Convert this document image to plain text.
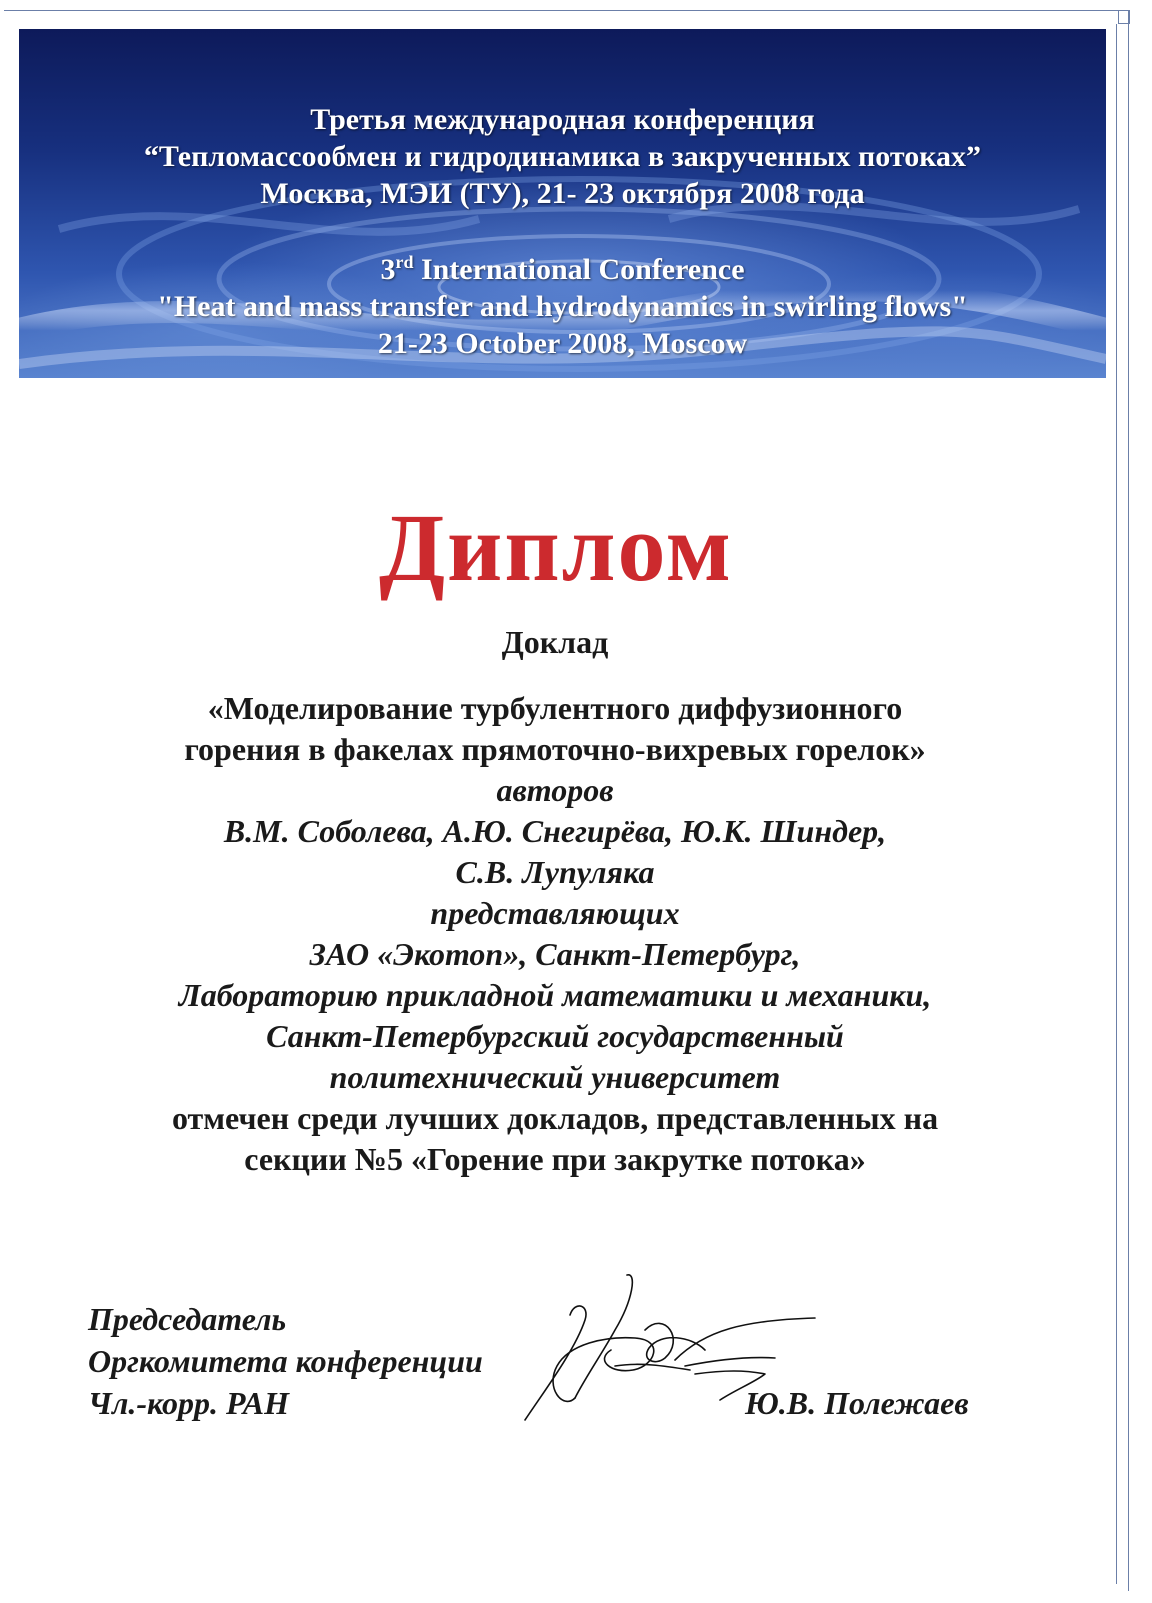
Третья международная конференция
“Тепломассообмен и гидродинамика в закрученных потоках”
Москва, МЭИ (ТУ), 21- 23 октября 2008 года
3rd International Conference
"Heat and mass transfer and hydrodynamics in swirling flows"
21-23 October 2008, Moscow
Диплом
Доклад
«Моделирование турбулентного диффузионного
горения в факелах прямоточно-вихревых горелок»
авторов
В.М. Соболева, А.Ю. Снегирёва, Ю.К. Шиндер,
С.В. Лупуляка
представляющих
ЗАО «Экотоп», Санкт-Петербург,
Лабораторию прикладной математики и механики,
Санкт-Петербургский государственный
политехнический университет
отмечен среди лучших докладов, представленных на
секции №5 «Горение при закрутке потока»
Председатель
Оргкомитета конференции
Чл.-корр. РАН	Ю.В. Полежаев
